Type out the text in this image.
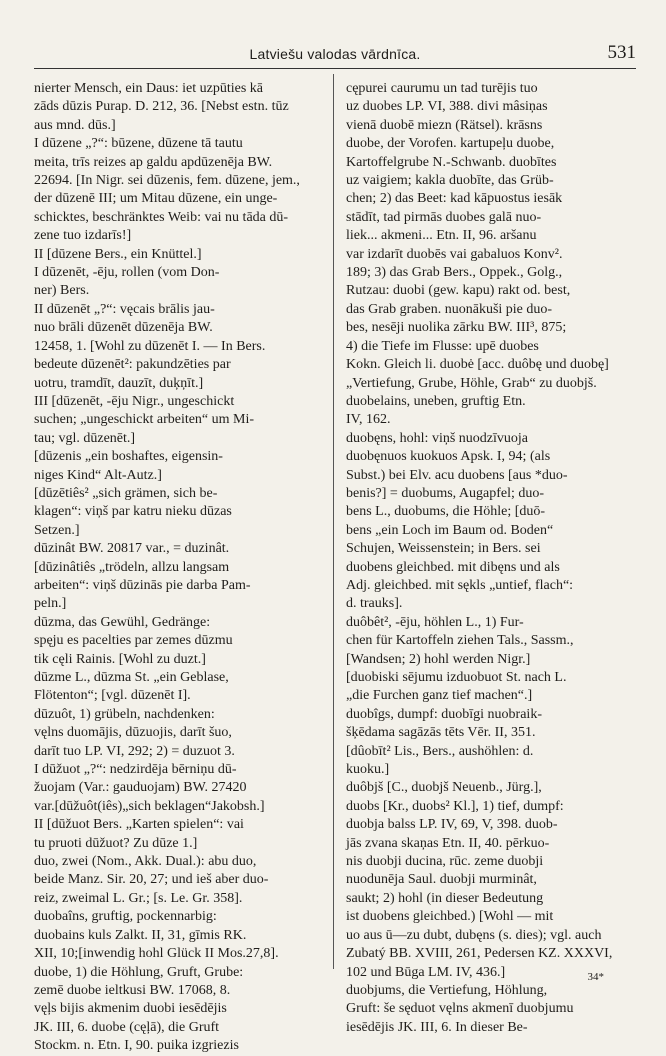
Latviešu valodas vārdnīca.	531
nierter Mensch, ein Daus: iet uzpūties kā
zāds dūzis Purap. D. 212, 36. [Nebst estn. tūz
aus mnd. dūs.]
I dūzene „?“: būzene, dūzene tā tautu
meita, trīs reizes ap galdu apdūzenēja BW.
22694. [In Nigr. sei dūzenis, fem. dūzene, jem.,
der dūzenē III; um Mitau dūzene, ein unge-
schicktes, beschränktes Weib: vai nu tāda dū-
zene tuo izdarīs!]
II [dūzene Bers., ein Knüttel.]
I dūzenēt, -ēju, rollen (vom Don-
ner) Bers.
II dūzenēt „?“: vęcais brālis jau-
nuo brāli dūzenēt dūzenēja BW.
12458, 1. [Wohl zu dūzenēt I. — In Bers.
bedeute dūzenēt²: pakundzēties par
uotru, tramdīt, dauzīt, duķņīt.]
III [dūzenēt, -ēju Nigr., ungeschickt
suchen; „ungeschickt arbeiten“ um Mi-
tau; vgl. dūzenēt.]
[dūzenis „ein boshaftes, eigensin-
niges Kind“ Alt-Autz.]
[dūzētiês² „sich grämen, sich be-
klagen“: viņš par katru nieku dūzas
Setzen.]
dūzinât BW. 20817 var., = duzinât.
[dūzinâtiês „trödeln, allzu langsam
arbeiten“: viņš dūzinās pie darba Pam-
peln.]
dūzma, das Gewühl, Gedränge:
spęju es pacelties par zemes dūzmu
tik cęli Rainis. [Wohl zu duzt.]
dūzme L., dūzma St. „ein Geblase,
Flötenton“; [vgl. dūzenēt I].
dūzuôt, 1) grübeln, nachdenken:
vęlns duomājis, dūzuojis, darīt šuo,
darīt tuo LP. VI, 292; 2) = duzuot 3.
I dūžuot „?“: nedzirdēja bērniņu dū-
žuojam (Var.: gauduojam) BW. 27420
var.[dūžuôt(iês)„sich beklagen“Jakobsh.]
II [dūžuot Bers. „Karten spielen“: vai
tu pruoti dūžuot? Zu dūze 1.]
duo, zwei (Nom., Akk. Dual.): abu duo,
beide Manz. Sir. 20, 27; und ieš aber duo-
reiz, zweimal L. Gr.; [s. Le. Gr. 358].
duobaîns, gruftig, pockennarbig:
duobains kuls Zalkt. II, 31, gīmis RK.
XII, 10;[inwendig hohl Glück II Mos.27,8].
duobe, 1) die Höhlung, Gruft, Grube:
zemē duobe ieltkusi BW. 17068, 8.
vęļs bijis akmenim duobi iesēdējis
JK. III, 6. duobe (cęļā), die Gruft
Stockm. n. Etn. I, 90. puika izgriezis
cępurei caurumu un tad turējis tuo
uz duobes LP. VI, 388. divi mâsiņas
vienā duobē miezn (Rätsel). krāsns
duobe, der Vorofen. kartupeļu duobe,
Kartoffelgrube N.-Schwanb. duobītes
uz vaigiem; kakla duobīte, das Grüb-
chen; 2) das Beet: kad kāpuostus iesāk
stādīt, tad pirmās duobes galā nuo-
liek... akmeni... Etn. II, 96. aršanu
var izdarīt duobēs vai gabaluos Konv².
189; 3) das Grab Bers., Oppek., Golg.,
Rutzau: duobi (gew. kapu) rakt od. best,
das Grab graben. nuonākuši pie duo-
bes, nesēji nuolika zārku BW. III³, 875;
4) die Tiefe im Flusse: upē duobes
Kokn. Gleich li. duobė [acc. duôbę und duobę]
„Vertiefung, Grube, Höhle, Grab“ zu duobjš.
duobelains, uneben, gruftig Etn.
IV, 162.
duobęns, hohl: viņš nuodzīvuoja
duobęnuos kuokuos Apsk. I, 94; (als
Subst.) bei Elv. acu duobens [aus *duo-
benis?] = duobums, Augapfel; duo-
bens L., duobums, die Höhle; [duō-
bens „ein Loch im Baum od. Boden“
Schujen, Weissenstein; in Bers. sei
duobens gleichbed. mit dibęns und als
Adj. gleichbed. mit sękls „untief, flach“:
d. trauks].
duôbêt², -ēju, höhlen L., 1) Fur-
chen für Kartoffeln ziehen Tals., Sassm.,
[Wandsen; 2) hohl werden Nigr.]
[duobiski sējumu izduobuot St. nach L.
„die Furchen ganz tief machen“.]
duobîgs, dumpf: duobīgi nuobraik-
šķēdama sagāzās tēts Vēr. II, 351.
[dûobīt² Lis., Bers., aushöhlen: d.
kuoku.]
duôbjš [C., duobjš Neuenb., Jürg.],
duobs [Kr., duobs² Kl.], 1) tief, dumpf:
duobja balss LP. IV, 69, V, 398. duob-
jās zvana skaņas Etn. II, 40. pērkuo-
nis duobji ducina, rūc. zeme duobji
nuodunēja Saul. duobji murminât,
saukt; 2) hohl (in dieser Bedeutung
ist duobens gleichbed.) [Wohl — mit
uo aus ū—zu dubt, dubęns (s. dies); vgl. auch
Zubatý BB. XVIII, 261, Pedersen KZ. XXXVI,
102 und Būga LM. IV, 436.]
duobjums, die Vertiefung, Höhlung,
Gruft: še sęduot vęlns akmenī duobjumu
iesēdējis JK. III, 6. In dieser Be-
34*
